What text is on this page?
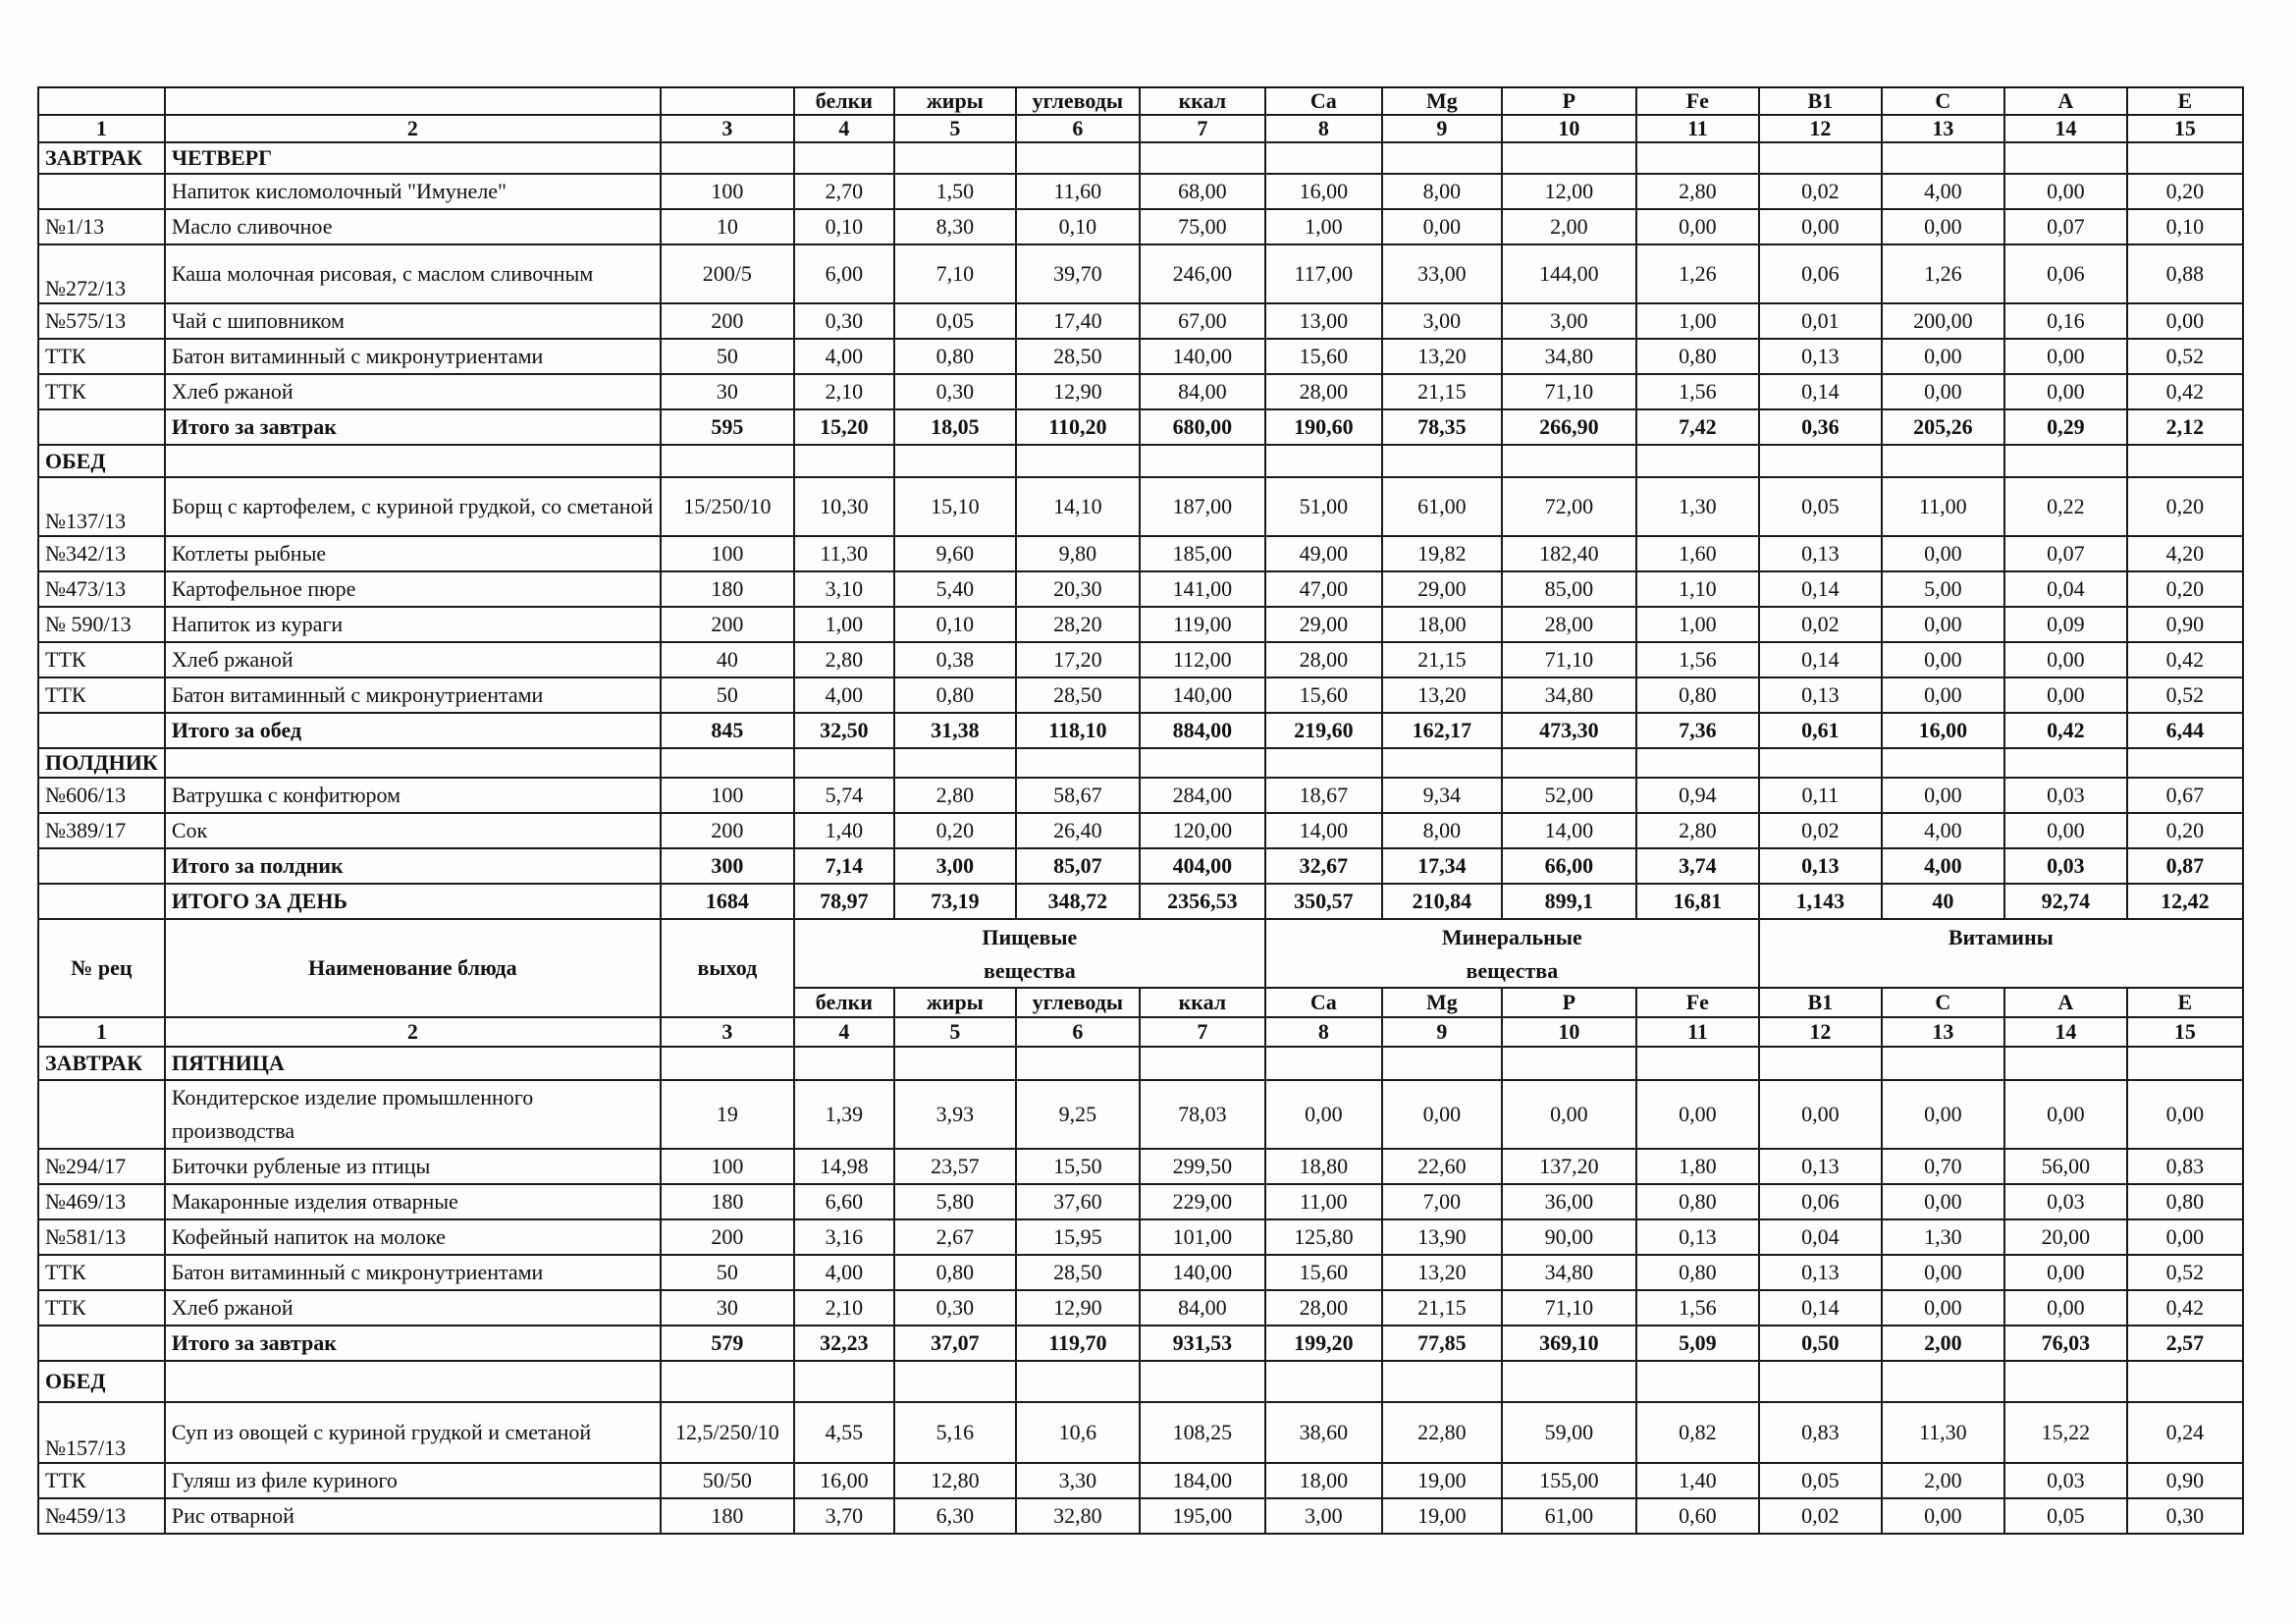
			белки	жиры	углеводы	ккал	Ca	Mg	P	Fe	B1	C	A	E
1	2	3	4	5	6	7	8	9	10	11	12	13	14	15
ЗАВТРАК	ЧЕТВЕРГ													
	Напиток кисломолочный "Имунеле"	100	2,70	1,50	11,60	68,00	16,00	8,00	12,00	2,80	0,02	4,00	0,00	0,20
№1/13	Масло сливочное	10	0,10	8,30	0,10	75,00	1,00	0,00	2,00	0,00	0,00	0,00	0,07	0,10
№272/13	Каша молочная рисовая, с маслом сливочным	200/5	6,00	7,10	39,70	246,00	117,00	33,00	144,00	1,26	0,06	1,26	0,06	0,88
№575/13	Чай с шиповником	200	0,30	0,05	17,40	67,00	13,00	3,00	3,00	1,00	0,01	200,00	0,16	0,00
ТТК	Батон витаминный с микронутриентами	50	4,00	0,80	28,50	140,00	15,60	13,20	34,80	0,80	0,13	0,00	0,00	0,52
ТТК	Хлеб ржаной	30	2,10	0,30	12,90	84,00	28,00	21,15	71,10	1,56	0,14	0,00	0,00	0,42
	Итого за завтрак	595	15,20	18,05	110,20	680,00	190,60	78,35	266,90	7,42	0,36	205,26	0,29	2,12
ОБЕД														
№137/13	Борщ с картофелем, с куриной грудкой, со сметаной	15/250/10	10,30	15,10	14,10	187,00	51,00	61,00	72,00	1,30	0,05	11,00	0,22	0,20
№342/13	Котлеты рыбные	100	11,30	9,60	9,80	185,00	49,00	19,82	182,40	1,60	0,13	0,00	0,07	4,20
№473/13	Картофельное пюре	180	3,10	5,40	20,30	141,00	47,00	29,00	85,00	1,10	0,14	5,00	0,04	0,20
№ 590/13	Напиток из кураги	200	1,00	0,10	28,20	119,00	29,00	18,00	28,00	1,00	0,02	0,00	0,09	0,90
ТТК	Хлеб ржаной	40	2,80	0,38	17,20	112,00	28,00	21,15	71,10	1,56	0,14	0,00	0,00	0,42
ТТК	Батон витаминный с микронутриентами	50	4,00	0,80	28,50	140,00	15,60	13,20	34,80	0,80	0,13	0,00	0,00	0,52
	Итого за обед	845	32,50	31,38	118,10	884,00	219,60	162,17	473,30	7,36	0,61	16,00	0,42	6,44
ПОЛДНИК														
№606/13	Ватрушка с конфитюром	100	5,74	2,80	58,67	284,00	18,67	9,34	52,00	0,94	0,11	0,00	0,03	0,67
№389/17	Сок	200	1,40	0,20	26,40	120,00	14,00	8,00	14,00	2,80	0,02	4,00	0,00	0,20
	Итого за полдник	300	7,14	3,00	85,07	404,00	32,67	17,34	66,00	3,74	0,13	4,00	0,03	0,87
	ИТОГО ЗА ДЕНЬ	1684	78,97	73,19	348,72	2356,53	350,57	210,84	899,1	16,81	1,143	40	92,74	12,42
№ рец	Наименование блюда	выход	Пищевые				Минеральные				Витамины			
			вещества				вещества							
			белки	жиры	углеводы	ккал	Ca	Mg	P	Fe	B1	C	A	E
1	2	3	4	5	6	7	8	9	10	11	12	13	14	15
ЗАВТРАК	ПЯТНИЦА													
	Кондитерское изделие промышленного производства	19	1,39	3,93	9,25	78,03	0,00	0,00	0,00	0,00	0,00	0,00	0,00	0,00
№294/17	Биточки рубленые из птицы	100	14,98	23,57	15,50	299,50	18,80	22,60	137,20	1,80	0,13	0,70	56,00	0,83
№469/13	Макаронные изделия отварные	180	6,60	5,80	37,60	229,00	11,00	7,00	36,00	0,80	0,06	0,00	0,03	0,80
№581/13	Кофейный напиток на молоке	200	3,16	2,67	15,95	101,00	125,80	13,90	90,00	0,13	0,04	1,30	20,00	0,00
ТТК	Батон витаминный с микронутриентами	50	4,00	0,80	28,50	140,00	15,60	13,20	34,80	0,80	0,13	0,00	0,00	0,52
ТТК	Хлеб ржаной	30	2,10	0,30	12,90	84,00	28,00	21,15	71,10	1,56	0,14	0,00	0,00	0,42
	Итого за завтрак	579	32,23	37,07	119,70	931,53	199,20	77,85	369,10	5,09	0,50	2,00	76,03	2,57
ОБЕД														
№157/13	Суп из овощей с куриной грудкой и сметаной	12,5/250/10	4,55	5,16	10,6	108,25	38,60	22,80	59,00	0,82	0,83	11,30	15,22	0,24
ТТК	Гуляш из филе куриного	50/50	16,00	12,80	3,30	184,00	18,00	19,00	155,00	1,40	0,05	2,00	0,03	0,90
№459/13	Рис отварной	180	3,70	6,30	32,80	195,00	3,00	19,00	61,00	0,60	0,02	0,00	0,05	0,30
